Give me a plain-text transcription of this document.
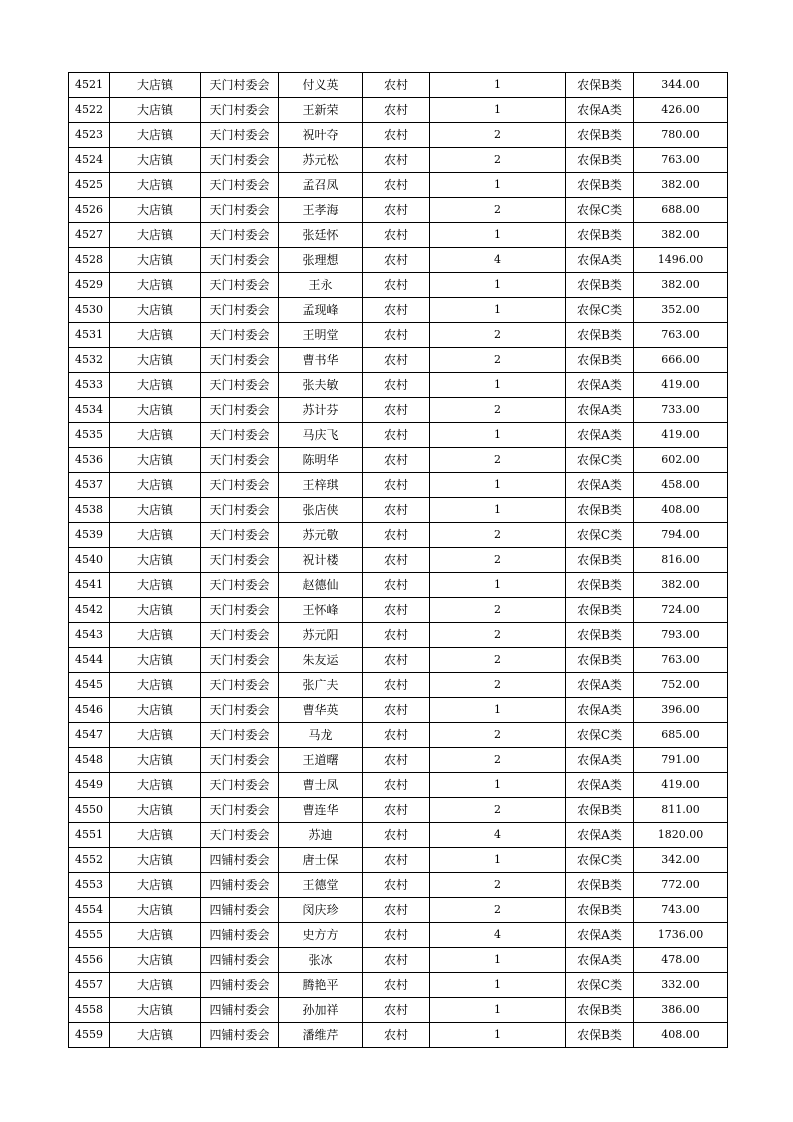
4521	大店镇	天门村委会	付义英	农村	1	农保B类	344.00
4522	大店镇	天门村委会	王新荣	农村	1	农保A类	426.00
4523	大店镇	天门村委会	祝叶夺	农村	2	农保B类	780.00
4524	大店镇	天门村委会	苏元松	农村	2	农保B类	763.00
4525	大店镇	天门村委会	孟召凤	农村	1	农保B类	382.00
4526	大店镇	天门村委会	王孝海	农村	2	农保C类	688.00
4527	大店镇	天门村委会	张廷怀	农村	1	农保B类	382.00
4528	大店镇	天门村委会	张理想	农村	4	农保A类	1496.00
4529	大店镇	天门村委会	王永	农村	1	农保B类	382.00
4530	大店镇	天门村委会	孟现峰	农村	1	农保C类	352.00
4531	大店镇	天门村委会	王明堂	农村	2	农保B类	763.00
4532	大店镇	天门村委会	曹书华	农村	2	农保B类	666.00
4533	大店镇	天门村委会	张夫敏	农村	1	农保A类	419.00
4534	大店镇	天门村委会	苏计芬	农村	2	农保A类	733.00
4535	大店镇	天门村委会	马庆飞	农村	1	农保A类	419.00
4536	大店镇	天门村委会	陈明华	农村	2	农保C类	602.00
4537	大店镇	天门村委会	王梓琪	农村	1	农保A类	458.00
4538	大店镇	天门村委会	张店侠	农村	1	农保B类	408.00
4539	大店镇	天门村委会	苏元敬	农村	2	农保C类	794.00
4540	大店镇	天门村委会	祝计楼	农村	2	农保B类	816.00
4541	大店镇	天门村委会	赵德仙	农村	1	农保B类	382.00
4542	大店镇	天门村委会	王怀峰	农村	2	农保B类	724.00
4543	大店镇	天门村委会	苏元阳	农村	2	农保B类	793.00
4544	大店镇	天门村委会	朱友运	农村	2	农保B类	763.00
4545	大店镇	天门村委会	张广夫	农村	2	农保A类	752.00
4546	大店镇	天门村委会	曹华英	农村	1	农保A类	396.00
4547	大店镇	天门村委会	马龙	农村	2	农保C类	685.00
4548	大店镇	天门村委会	王道曙	农村	2	农保A类	791.00
4549	大店镇	天门村委会	曹士凤	农村	1	农保A类	419.00
4550	大店镇	天门村委会	曹连华	农村	2	农保B类	811.00
4551	大店镇	天门村委会	苏迪	农村	4	农保A类	1820.00
4552	大店镇	四铺村委会	唐士保	农村	1	农保C类	342.00
4553	大店镇	四铺村委会	王德堂	农村	2	农保B类	772.00
4554	大店镇	四铺村委会	闵庆珍	农村	2	农保B类	743.00
4555	大店镇	四铺村委会	史方方	农村	4	农保A类	1736.00
4556	大店镇	四铺村委会	张冰	农村	1	农保A类	478.00
4557	大店镇	四铺村委会	腾艳平	农村	1	农保C类	332.00
4558	大店镇	四铺村委会	孙加祥	农村	1	农保B类	386.00
4559	大店镇	四铺村委会	潘维芹	农村	1	农保B类	408.00
